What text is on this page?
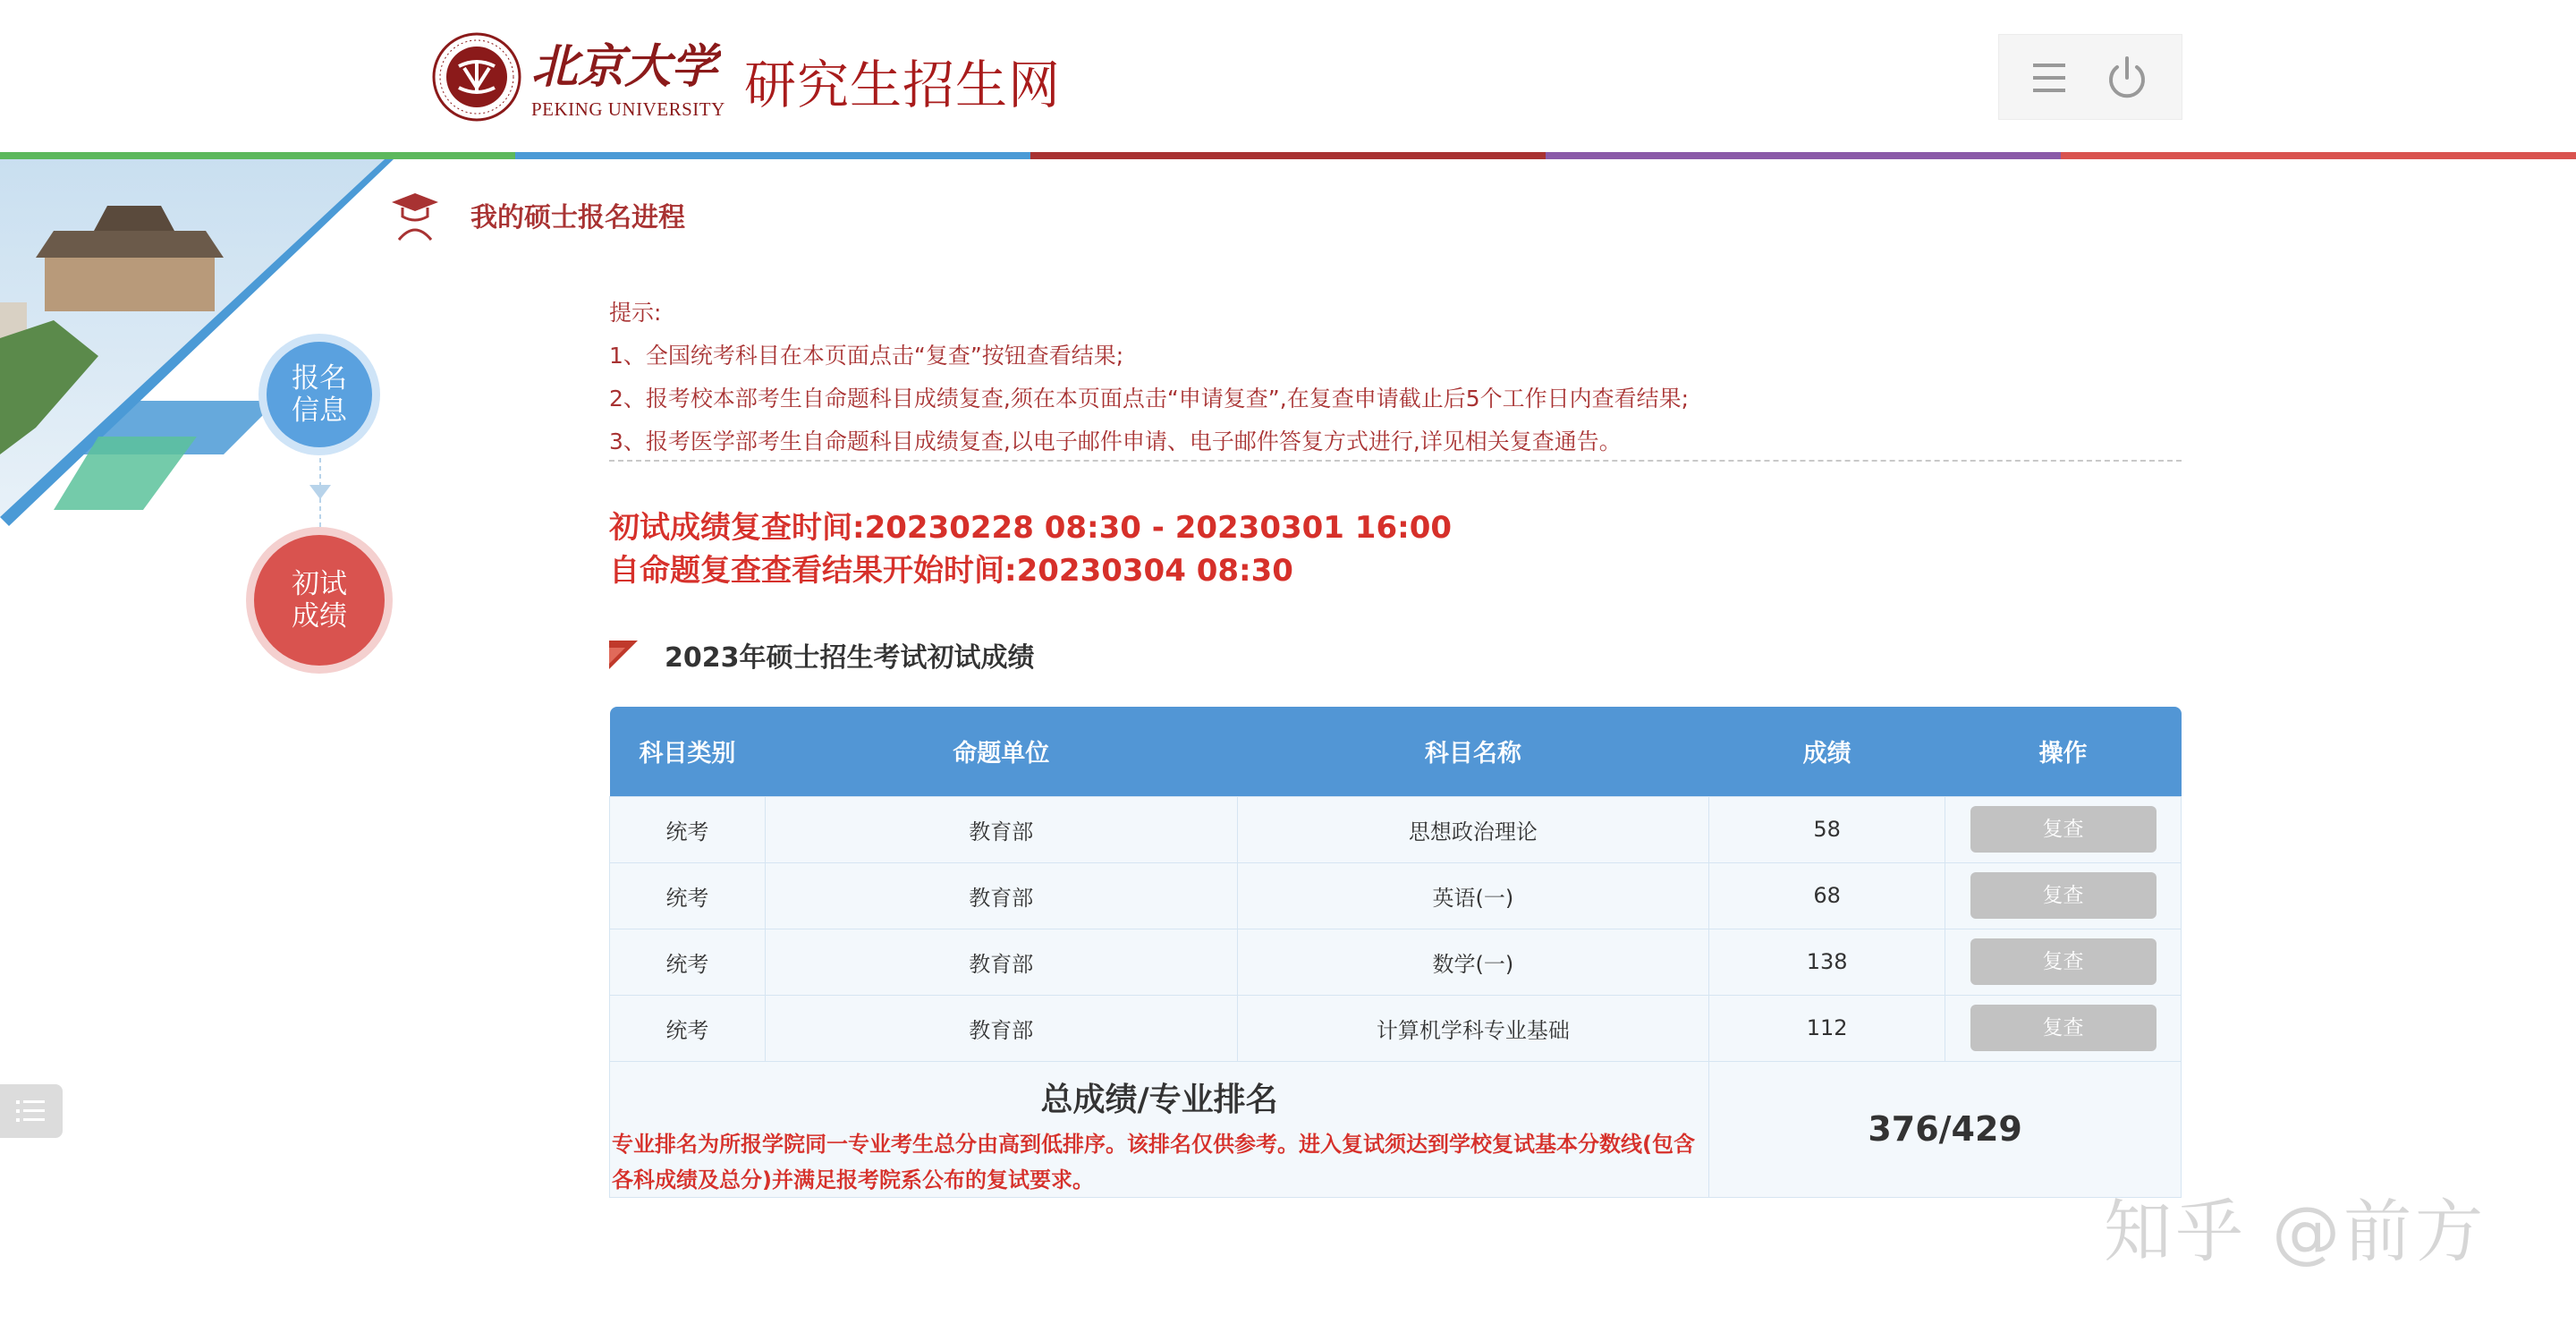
北京大学
PEKING UNIVERSITY 研究生招生网
报名
信息
初试
成绩
我的硕士报名进程
提示:
1、全国统考科目在本页面点击“复查”按钮查看结果;
2、报考校本部考生自命题科目成绩复查,须在本页面点击“申请复查”,在复查申请截止后5个工作日内查看结果;
3、报考医学部考生自命题科目成绩复查,以电子邮件申请、电子邮件答复方式进行,详见相关复查通告。
初试成绩复查时间:20230228 08:30 - 20230301 16:00
自命题复查查看结果开始时间:20230304 08:30
2023年硕士招生考试初试成绩
科目类别	命题单位	科目名称	成绩	操作
统考	教育部	思想政治理论	58	复查
统考	教育部	英语(一)	68	复查
统考	教育部	数学(一)	138	复查
统考	教育部	计算机学科专业基础	112	复查

总成绩/专业排名
专业排名为所报学院同一专业考生总分由高到低排序。该排名仅供参考。进入复试须达到学校复试基本分数线(包含各科成绩及总分)并满足报考院系公布的复试要求。			376/429	
知乎 @前方
